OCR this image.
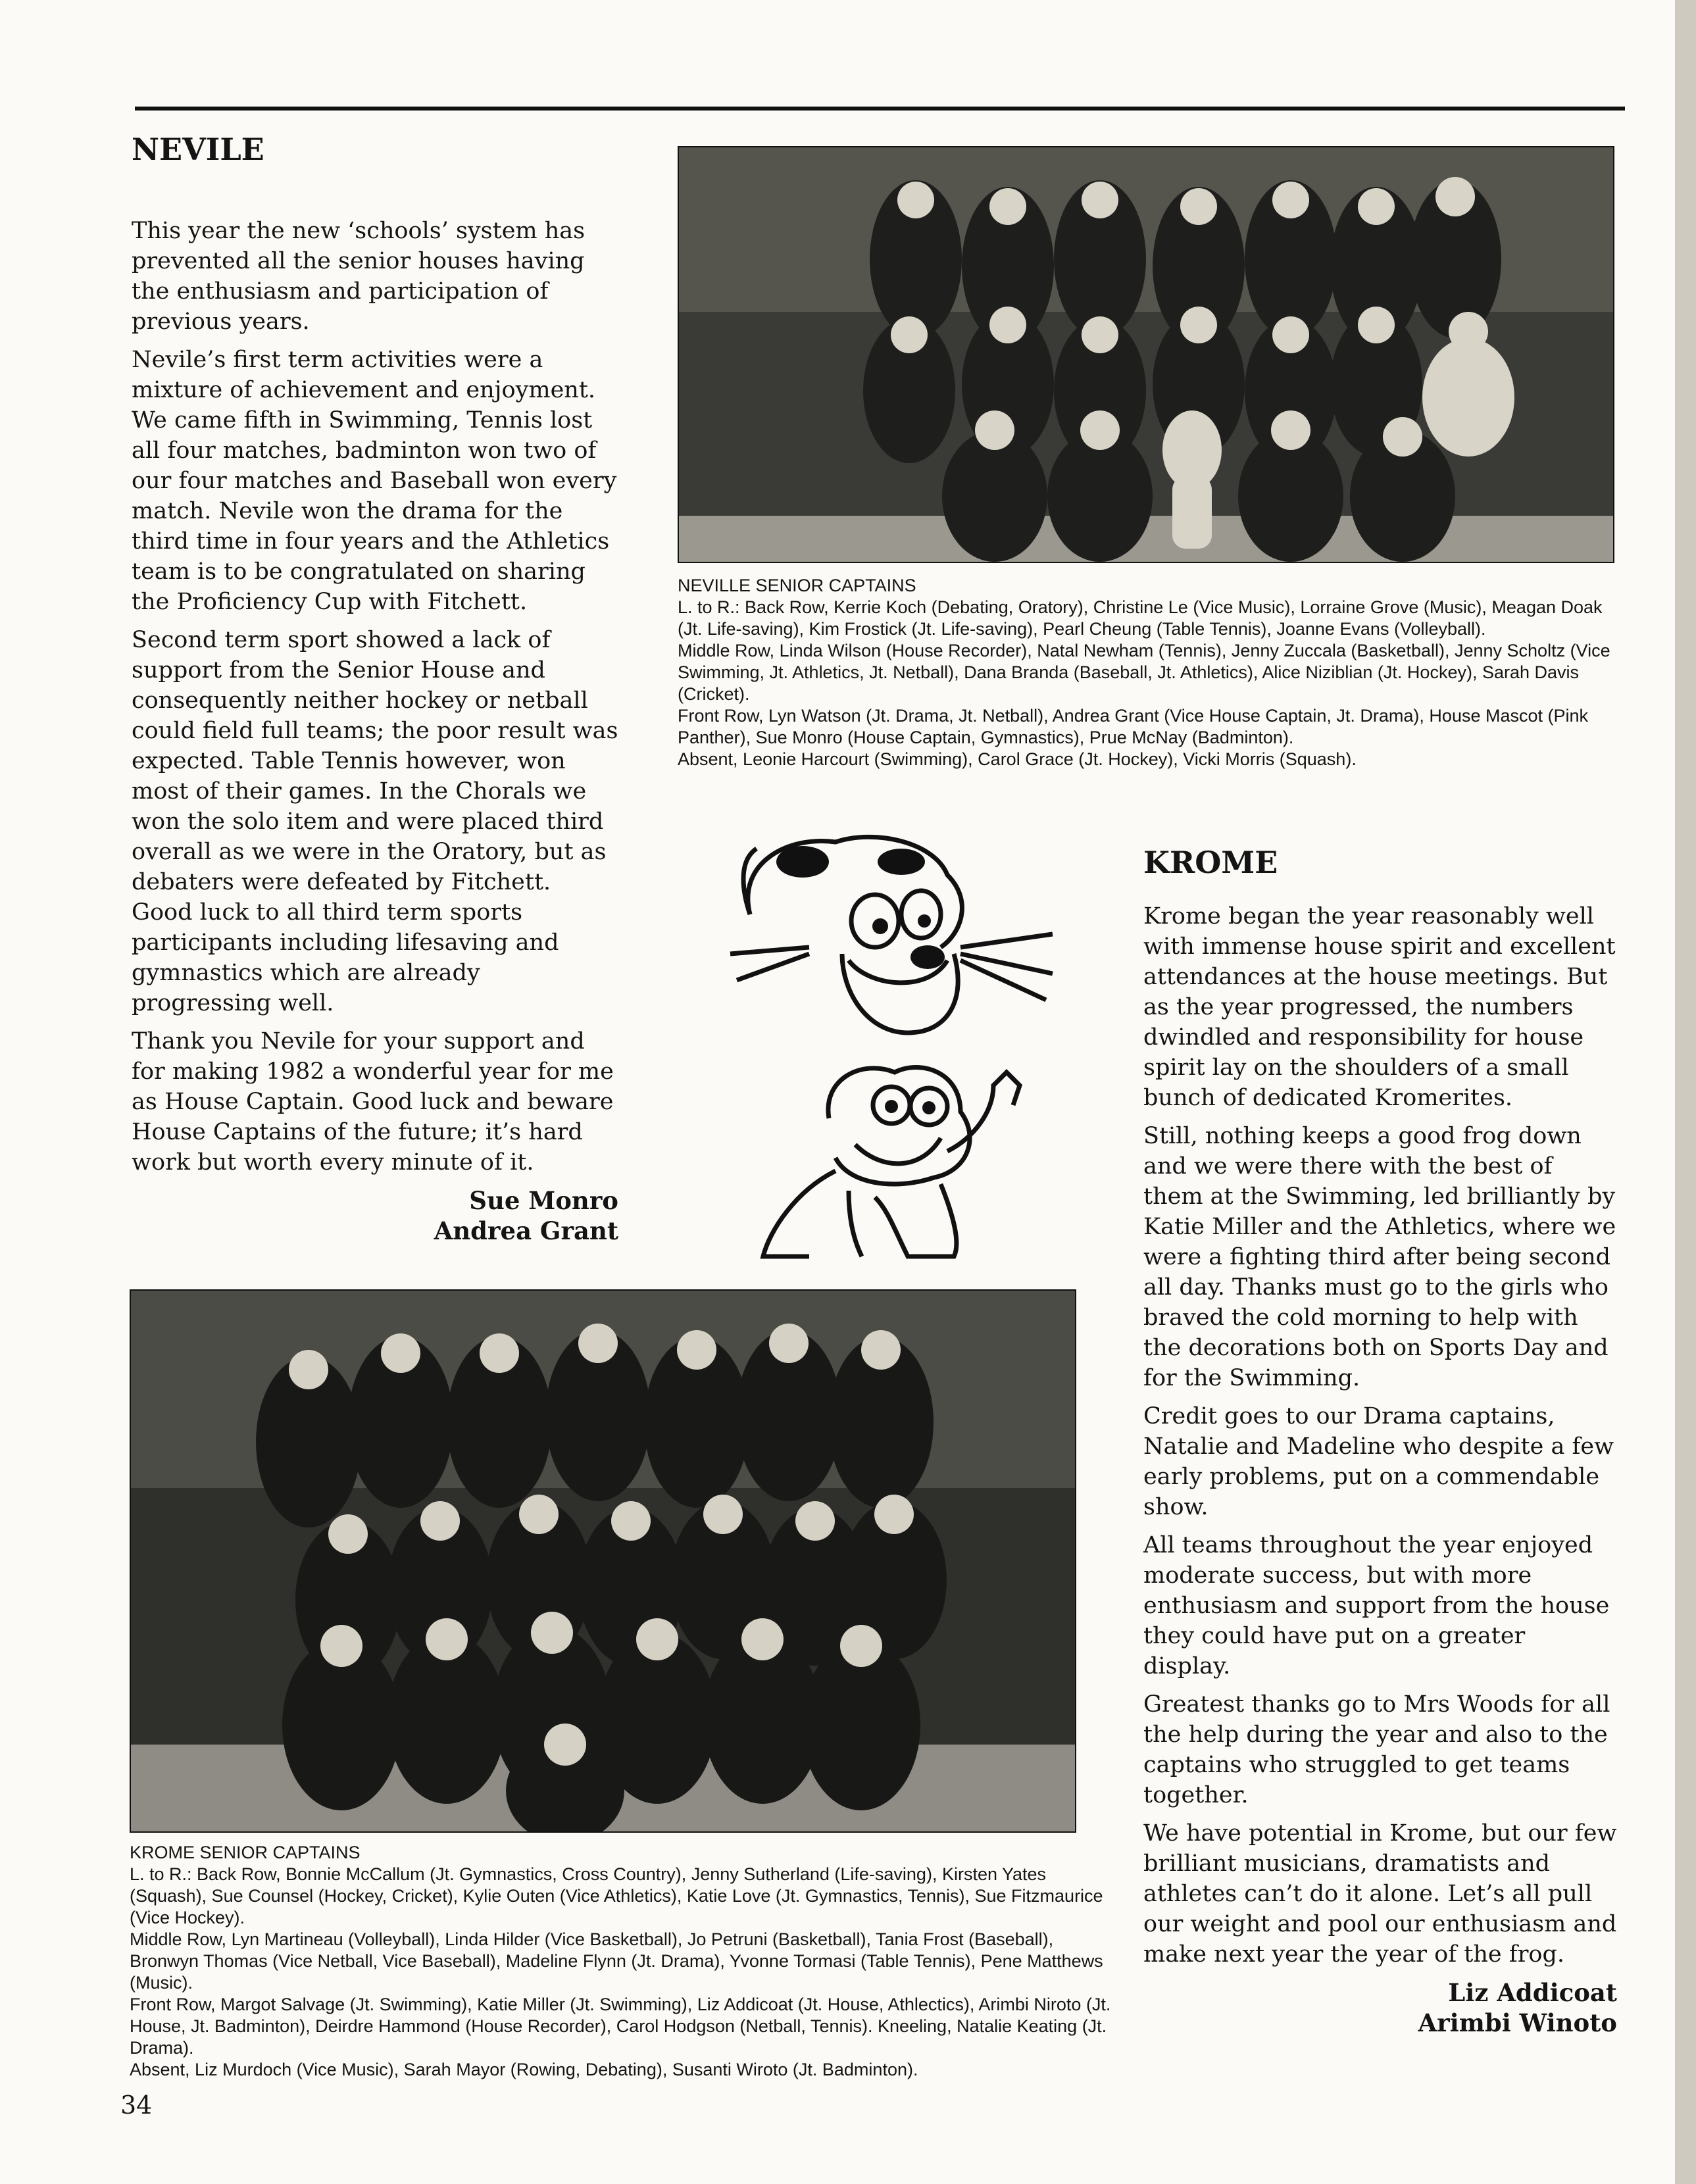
NEVILE

This year the new ‘schools’ system has prevented all the senior houses having the enthusiasm and participation of previous years.

Nevile’s first term activities were a mixture of achievement and enjoyment. We came fifth in Swimming, Tennis lost all four matches, badminton won two of our four matches and Baseball won every match. Nevile won the drama for the third time in four years and the Athletics team is to be congratulated on sharing the Proficiency Cup with Fitchett.

Second term sport showed a lack of support from the Senior House and consequently neither hockey or netball could field full teams; the poor result was expected. Table Tennis however, won most of their games. In the Chorals we won the solo item and were placed third overall as we were in the Oratory, but as debaters were defeated by Fitchett. Good luck to all third term sports participants including lifesaving and gymnastics which are already progressing well.

Thank you Nevile for your support and for making 1982 a wonderful year for me as House Captain. Good luck and beware House Captains of the future; it’s hard work but worth every minute of it.

Sue Monro
Andrea Grant
NEVILLE SENIOR CAPTAINS
L. to R.: Back Row, Kerrie Koch (Debating, Oratory), Christine Le (Vice Music), Lorraine Grove (Music), Meagan Doak (Jt. Life-saving), Kim Frostick (Jt. Life-saving), Pearl Cheung (Table Tennis), Joanne Evans (Volleyball).
Middle Row, Linda Wilson (House Recorder), Natal Newham (Tennis), Jenny Zuccala (Basketball), Jenny Scholtz (Vice Swimming, Jt. Athletics, Jt. Netball), Dana Branda (Baseball, Jt. Athletics), Alice Niziblian (Jt. Hockey), Sarah Davis (Cricket).
Front Row, Lyn Watson (Jt. Drama, Jt. Netball), Andrea Grant (Vice House Captain, Jt. Drama), House Mascot (Pink Panther), Sue Monro (House Captain, Gymnastics), Prue McNay (Badminton).
Absent, Leonie Harcourt (Swimming), Carol Grace (Jt. Hockey), Vicki Morris (Squash).
KROME SENIOR CAPTAINS
L. to R.: Back Row, Bonnie McCallum (Jt. Gymnastics, Cross Country), Jenny Sutherland (Life-saving), Kirsten Yates (Squash), Sue Counsel (Hockey, Cricket), Kylie Outen (Vice Athletics), Katie Love (Jt. Gymnastics, Tennis), Sue Fitzmaurice (Vice Hockey).
Middle Row, Lyn Martineau (Volleyball), Linda Hilder (Vice Basketball), Jo Petruni (Basketball), Tania Frost (Baseball), Bronwyn Thomas (Vice Netball, Vice Baseball), Madeline Flynn (Jt. Drama), Yvonne Tormasi (Table Tennis), Pene Matthews (Music).
Front Row, Margot Salvage (Jt. Swimming), Katie Miller (Jt. Swimming), Liz Addicoat (Jt. House, Athlectics), Arimbi Niroto (Jt. House, Jt. Badminton), Deirdre Hammond (House Recorder), Carol Hodgson (Netball, Tennis). Kneeling, Natalie Keating (Jt. Drama).
Absent, Liz Murdoch (Vice Music), Sarah Mayor (Rowing, Debating), Susanti Wiroto (Jt. Badminton).
KROME

Krome began the year reasonably well with immense house spirit and excellent attendances at the house meetings. But as the year progressed, the numbers dwindled and responsibility for house spirit lay on the shoulders of a small bunch of dedicated Kromerites.

Still, nothing keeps a good frog down and we were there with the best of them at the Swimming, led brilliantly by Katie Miller and the Athletics, where we were a fighting third after being second all day. Thanks must go to the girls who braved the cold morning to help with the decorations both on Sports Day and for the Swimming.

Credit goes to our Drama captains, Natalie and Madeline who despite a few early problems, put on a commendable show.

All teams throughout the year enjoyed moderate success, but with more enthusiasm and support from the house they could have put on a greater display.

Greatest thanks go to Mrs Woods for all the help during the year and also to the captains who struggled to get teams together.

We have potential in Krome, but our few brilliant musicians, dramatists and athletes can’t do it alone. Let’s all pull our weight and pool our enthusiasm and make next year the year of the frog.

Liz Addicoat
Arimbi Winoto
34
